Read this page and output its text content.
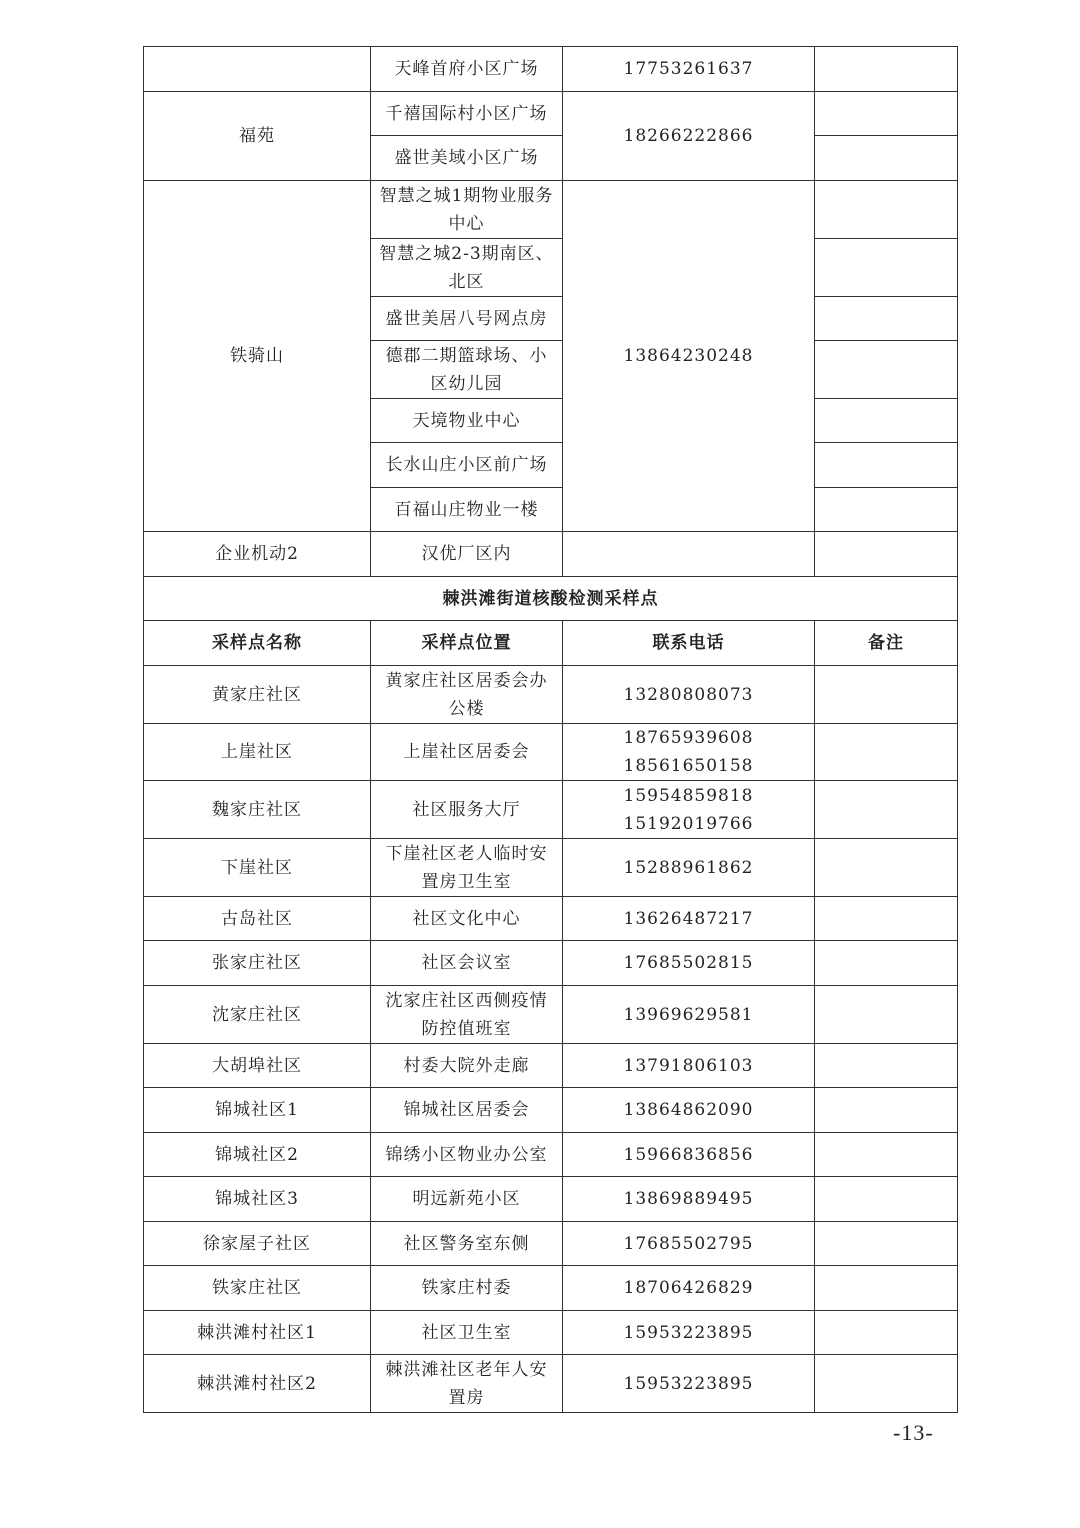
	天峰首府小区广场	17753261637	
福苑	千禧国际村小区广场	18266222866	
	盛世美域小区广场		
铁骑山	智慧之城1期物业服务中心	13864230248	
	智慧之城2-3期南区、北区		
	盛世美居八号网点房		
	德郡二期篮球场、小区幼儿园		
	天境物业中心		
	长水山庄小区前广场		
	百福山庄物业一楼		
企业机动2	汉优厂区内		
棘洪滩街道核酸检测采样点			
采样点名称	采样点位置	联系电话	备注
黄家庄社区	黄家庄社区居委会办公楼	13280808073	

上崖社区	上崖社区居委会	18765939608
18561650158	

魏家庄社区	社区服务大厅	15954859818
15192019766	

下崖社区	下崖社区老人临时安置房卫生室	15288961862	

古岛社区	社区文化中心	13626487217	

张家庄社区	社区会议室	17685502815	

沈家庄社区	沈家庄社区西侧疫情防控值班室	13969629581	

大胡埠社区	村委大院外走廊	13791806103	

锦城社区1	锦城社区居委会	13864862090	

锦城社区2	锦绣小区物业办公室	15966836856	

锦城社区3	明远新苑小区	13869889495	

徐家屋子社区	社区警务室东侧	17685502795	

铁家庄社区	铁家庄村委	18706426829	

棘洪滩村社区1	社区卫生室	15953223895	

棘洪滩村社区2	棘洪滩社区老年人安置房	15953223895	

-13-
